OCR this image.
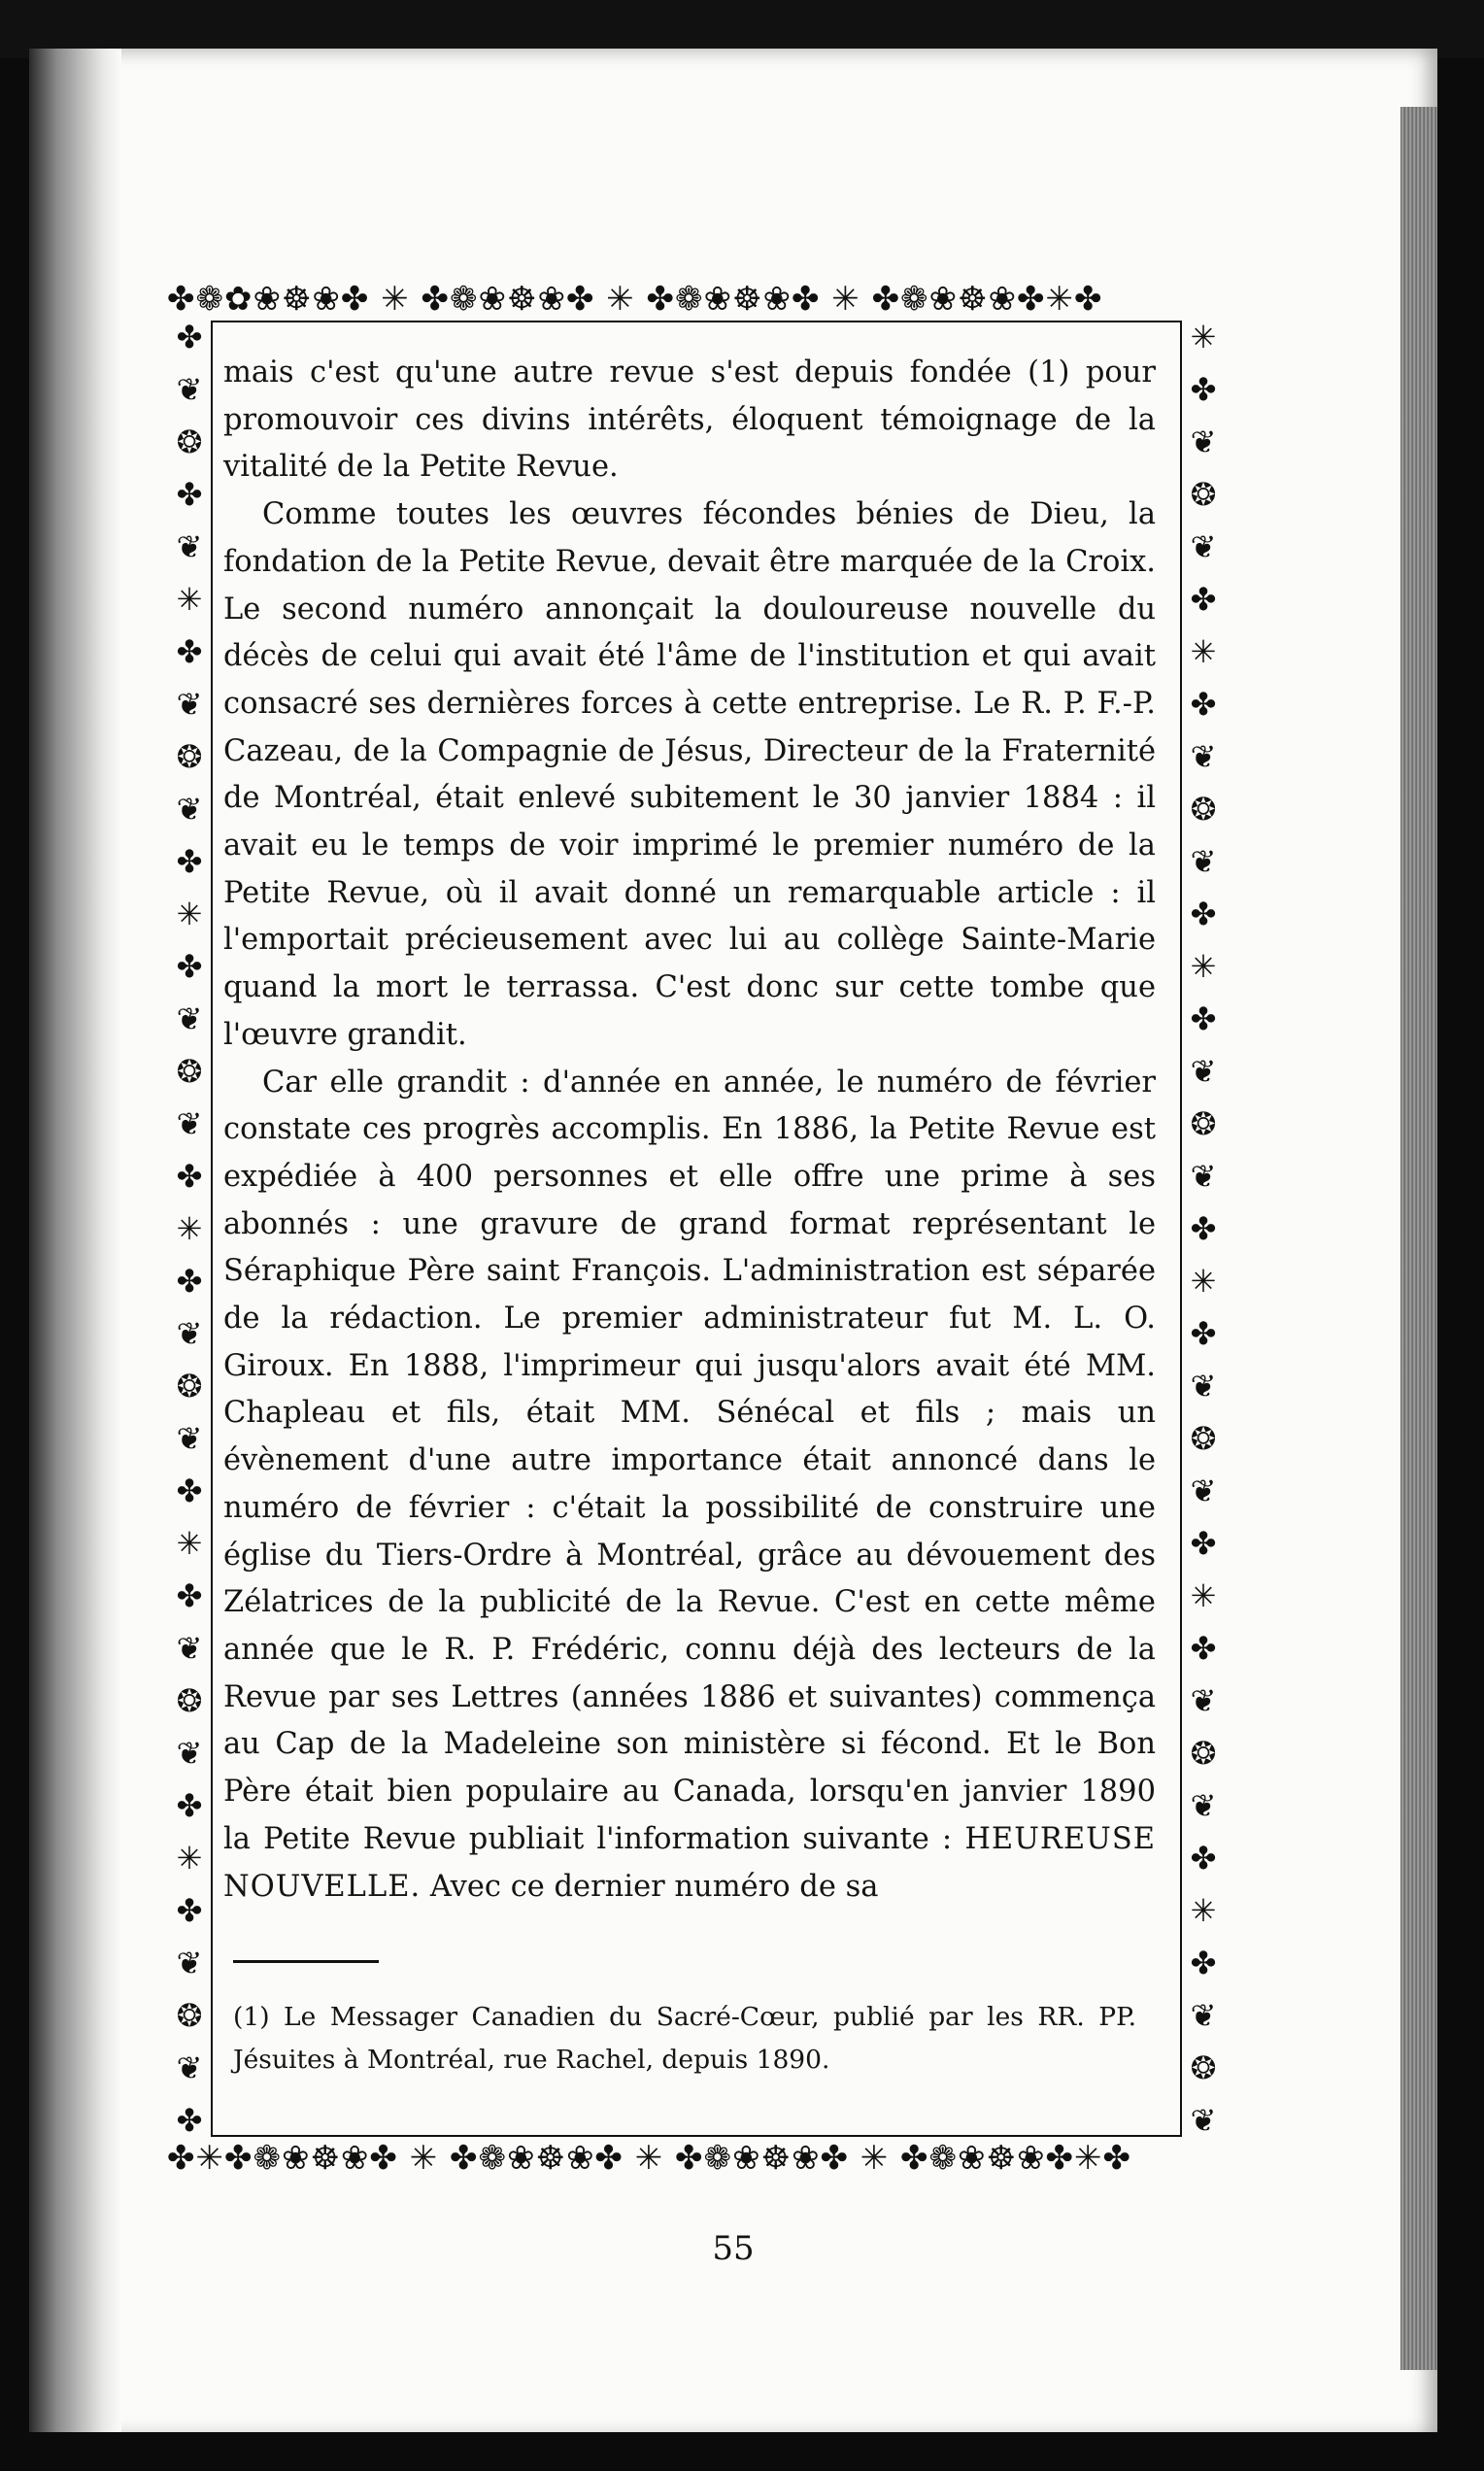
55
✤❁✿❀☸❀✤ ✳ ✤❁❀☸❀✤ ✳ ✤❁❀☸❀✤ ✳ ✤❁❀☸❀✤✳✤
✤✳✤❁❀☸❀✤ ✳ ✤❁❀☸❀✤ ✳ ✤❁❀☸❀✤ ✳ ✤❁❀☸❀✤✳✤
✤
❦
❂
✤
❦
✳
✤
❦
❂
❦
✤
✳
✤
❦
❂
❦
✤
✳
✤
❦
❂
❦
✤
✳
✤
❦
❂
❦
✤
✳
✤
❦
❂
❦
✤
✳
✤
❦
❂
❦
✤
✳
✤
❦
❂
❦
✤
✳
✤
❦
❂
❦
✤
✳
✤
❦
❂
❦
✤
✳
✤
❦
❂
❦
✤
✳
✤
❦
❂
❦

mais c'est qu'une autre revue s'est depuis fondée (1) pour promouvoir ces divins intérêts, éloquent témoignage de la vitalité de la Petite Revue.

Comme toutes les œuvres fécondes bénies de Dieu, la fondation de la Petite Revue, devait être marquée de la Croix. Le second numéro annonçait la douloureuse nouvelle du décès de celui qui avait été l'âme de l'institution et qui avait consacré ses dernières forces à cette entreprise. Le R. P. F.-P. Cazeau, de la Compagnie de Jésus, Directeur de la Fraternité de Montréal, était enlevé subitement le 30 janvier 1884 : il avait eu le temps de voir imprimé le premier numéro de la Petite Revue, où il avait donné un remarquable article : il l'emportait précieusement avec lui au collège Sainte-Marie quand la mort le terrassa. C'est donc sur cette tombe que l'œuvre grandit.

Car elle grandit : d'année en année, le numéro de février constate ces progrès accomplis. En 1886, la Petite Revue est expédiée à 400 personnes et elle offre une prime à ses abonnés : une gravure de grand format représentant le Séraphique Père saint François. L'administration est séparée de la rédaction. Le premier administrateur fut M. L. O. Giroux. En 1888, l'imprimeur qui jusqu'alors avait été MM. Chapleau et fils, était MM. Sénécal et fils ; mais un évènement d'une autre importance était annoncé dans le numéro de février : c'était la possibilité de construire une église du Tiers-Ordre à Montréal, grâce au dévouement des Zélatrices de la publicité de la Revue. C'est en cette même année que le R. P. Frédéric, connu déjà des lecteurs de la Revue par ses Lettres (années 1886 et suivantes) commença au Cap de la Madeleine son ministère si fécond. Et le Bon Père était bien populaire au Canada, lorsqu'en janvier 1890 la Petite Revue publiait l'information suivante : HEUREUSE NOUVELLE. Avec ce dernier numéro de sa

(1) Le Messager Canadien du Sacré-Cœur, publié par les RR. PP. Jésuites à Montréal, rue Rachel, depuis 1890.
